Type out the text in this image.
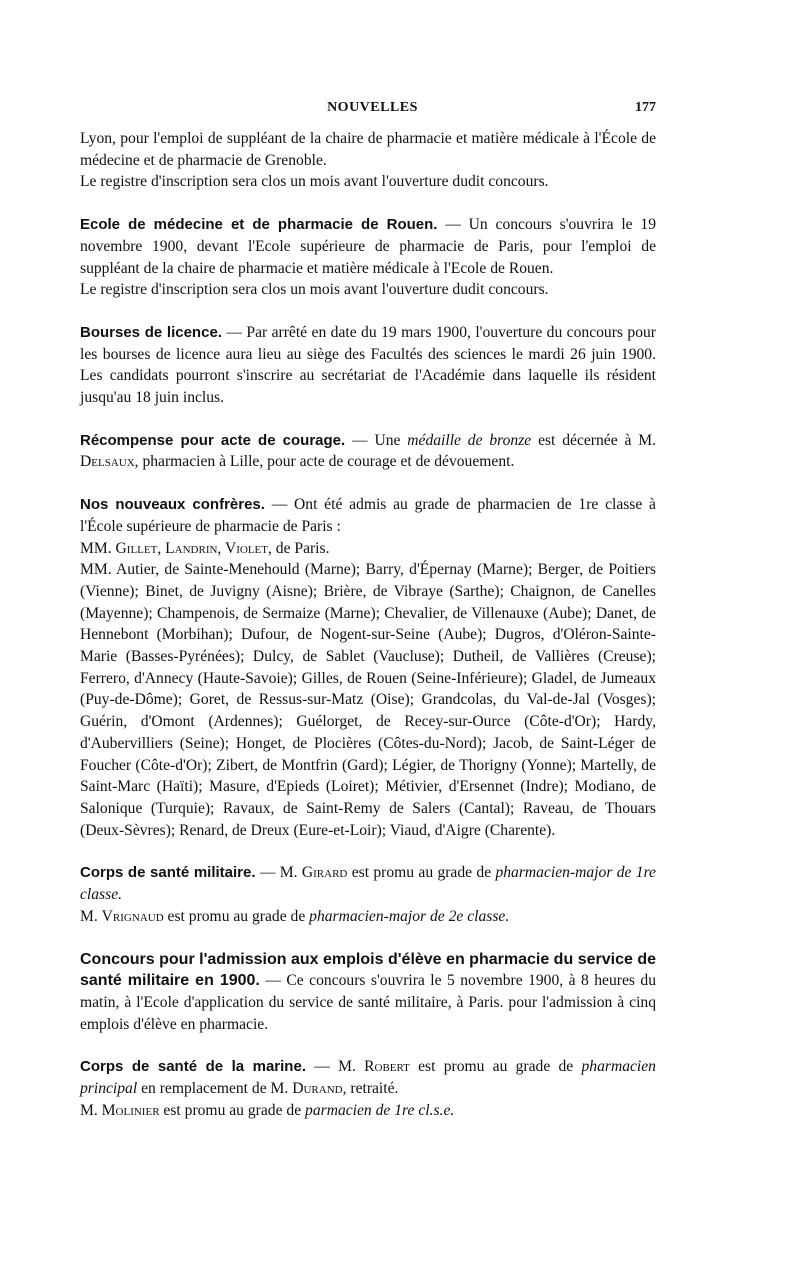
NOUVELLES	177

Lyon, pour l'emploi de suppléant de la chaire de pharmacie et matière médicale à l'École de médecine et de pharmacie de Grenoble.

Le registre d'inscription sera clos un mois avant l'ouverture dudit concours.

Ecole de médecine et de pharmacie de Rouen. — Un concours s'ouvrira le 19 novembre 1900, devant l'Ecole supérieure de pharmacie de Paris, pour l'emploi de suppléant de la chaire de pharmacie et matière médicale à l'Ecole de Rouen.

Le registre d'inscription sera clos un mois avant l'ouverture dudit concours.

Bourses de licence. — Par arrêté en date du 19 mars 1900, l'ouverture du concours pour les bourses de licence aura lieu au siège des Facultés des sciences le mardi 26 juin 1900. Les candidats pourront s'inscrire au secrétariat de l'Académie dans laquelle ils résident jusqu'au 18 juin inclus.

Récompense pour acte de courage. — Une médaille de bronze est décernée à M. Delsaux, pharmacien à Lille, pour acte de courage et de dévouement.

Nos nouveaux confrères. — Ont été admis au grade de pharmacien de 1re classe à l'École supérieure de pharmacie de Paris :

MM. Gillet, Landrin, Violet, de Paris.

MM. Autier, de Sainte-Menehould (Marne); Barry, d'Épernay (Marne); Berger, de Poitiers (Vienne); Binet, de Juvigny (Aisne); Brière, de Vibraye (Sarthe); Chaignon, de Canelles (Mayenne); Champenois, de Sermaize (Marne); Chevalier, de Villenauxe (Aube); Danet, de Hennebont (Morbihan); Dufour, de Nogent-sur-Seine (Aube); Dugros, d'Oléron-Sainte-Marie (Basses-Pyrénées); Dulcy, de Sablet (Vaucluse); Dutheil, de Vallières (Creuse); Ferrero, d'Annecy (Haute-Savoie); Gilles, de Rouen (Seine-Inférieure); Gladel, de Jumeaux (Puy-de-Dôme); Goret, de Ressus-sur-Matz (Oise); Grandcolas, du Val-de-Jal (Vosges); Guérin, d'Omont (Ardennes); Guélorget, de Recey-sur-Ource (Côte-d'Or); Hardy, d'Aubervilliers (Seine); Honget, de Plocières (Côtes-du-Nord); Jacob, de Saint-Léger de Foucher (Côte-d'Or); Zibert, de Montfrin (Gard); Légier, de Thorigny (Yonne); Martelly, de Saint-Marc (Haïti); Masure, d'Epieds (Loiret); Métivier, d'Ersennet (Indre); Modiano, de Salonique (Turquie); Ravaux, de Saint-Remy de Salers (Cantal); Raveau, de Thouars (Deux-Sèvres); Renard, de Dreux (Eure-et-Loir); Viaud, d'Aigre (Charente).

Corps de santé militaire. — M. Girard est promu au grade de pharmacien-major de 1re classe.

M. Vrignaud est promu au grade de pharmacien-major de 2e classe.

Concours pour l'admission aux emplois d'élève en pharmacie du service de santé militaire en 1900. — Ce concours s'ouvrira le 5 novembre 1900, à 8 heures du matin, à l'Ecole d'application du service de santé militaire, à Paris. pour l'admission à cinq emplois d'élève en pharmacie.

Corps de santé de la marine. — M. Robert est promu au grade de pharmacien principal en remplacement de M. Durand, retraité.

M. Molinier est promu au grade de parmacien de 1re cl.s.e.
